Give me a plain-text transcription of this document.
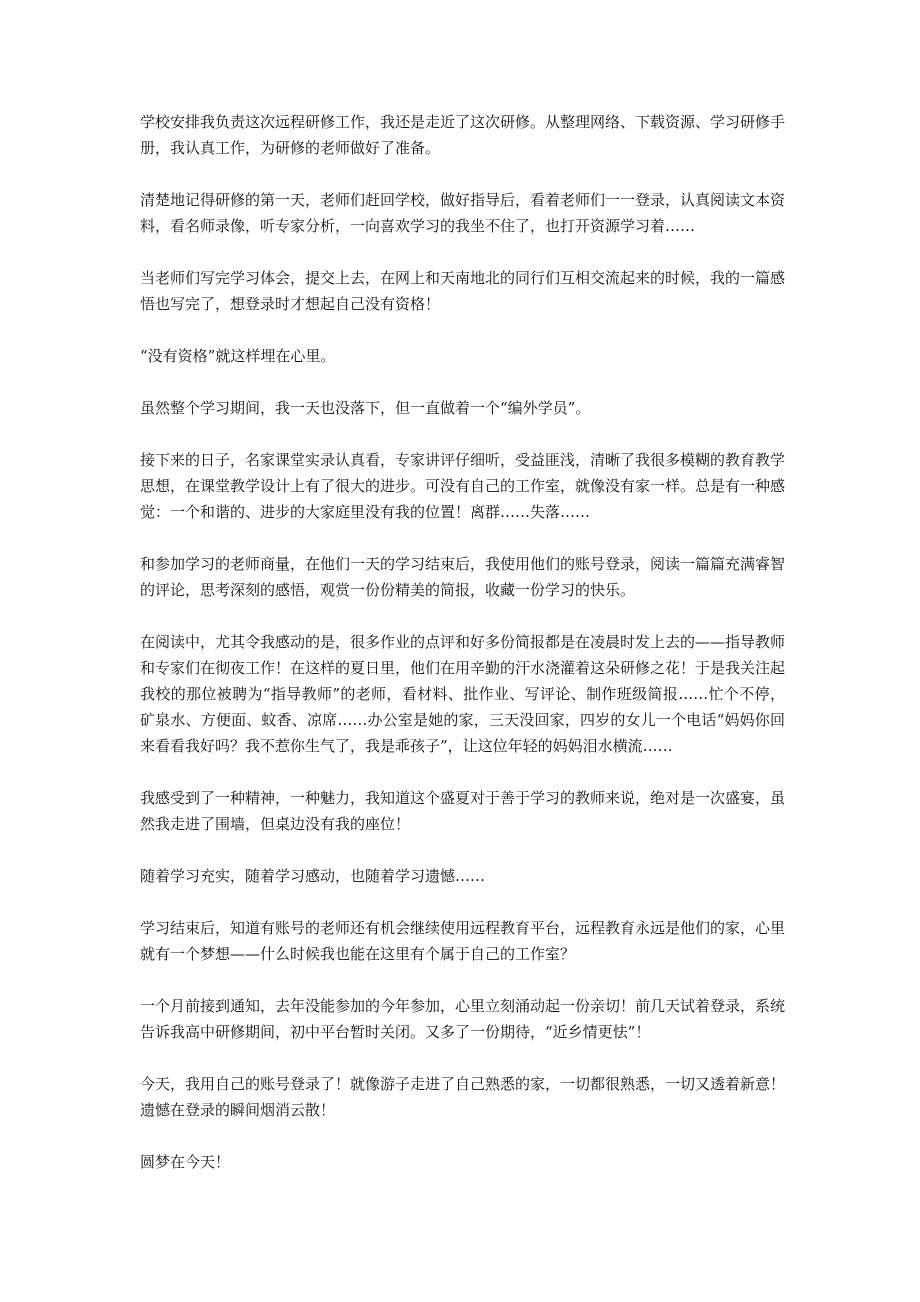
学校安排我负责这次远程研修工作，我还是走近了这次研修。从整理网络、下载资源、学习研修手册，我认真工作，为研修的老师做好了准备。

清楚地记得研修的第一天，老师们赶回学校，做好指导后，看着老师们一一登录，认真阅读文本资料，看名师录像，听专家分析，一向喜欢学习的我坐不住了，也打开资源学习着……

当老师们写完学习体会，提交上去，在网上和天南地北的同行们互相交流起来的时候，我的一篇感悟也写完了，想登录时才想起自己没有资格！

“没有资格”就这样埋在心里。

虽然整个学习期间，我一天也没落下，但一直做着一个“编外学员”。

接下来的日子，名家课堂实录认真看，专家讲评仔细听，受益匪浅，清晰了我很多模糊的教育教学思想，在课堂教学设计上有了很大的进步。可没有自己的工作室，就像没有家一样。总是有一种感觉：一个和谐的、进步的大家庭里没有我的位置！离群……失落……

和参加学习的老师商量，在他们一天的学习结束后，我使用他们的账号登录，阅读一篇篇充满睿智的评论，思考深刻的感悟，观赏一份份精美的简报，收藏一份学习的快乐。

在阅读中，尤其令我感动的是，很多作业的点评和好多份简报都是在凌晨时发上去的——指导教师和专家们在彻夜工作！在这样的夏日里，他们在用辛勤的汗水浇灌着这朵研修之花！于是我关注起我校的那位被聘为“指导教师”的老师，看材料、批作业、写评论、制作班级简报……忙个不停，矿泉水、方便面、蚊香、凉席……办公室是她的家，三天没回家，四岁的女儿一个电话“妈妈你回来看看我好吗？我不惹你生气了，我是乖孩子”，让这位年轻的妈妈泪水横流……

我感受到了一种精神，一种魅力，我知道这个盛夏对于善于学习的教师来说，绝对是一次盛宴，虽然我走进了围墙，但桌边没有我的座位！

随着学习充实，随着学习感动，也随着学习遗憾……

学习结束后，知道有账号的老师还有机会继续使用远程教育平台，远程教育永远是他们的家，心里就有一个梦想——什么时候我也能在这里有个属于自己的工作室？

一个月前接到通知，去年没能参加的今年参加，心里立刻涌动起一份亲切！前几天试着登录，系统告诉我高中研修期间，初中平台暂时关闭。又多了一份期待，“近乡情更怯”！

今天，我用自己的账号登录了！就像游子走进了自己熟悉的家，一切都很熟悉，一切又透着新意！遗憾在登录的瞬间烟消云散！

圆梦在今天！
